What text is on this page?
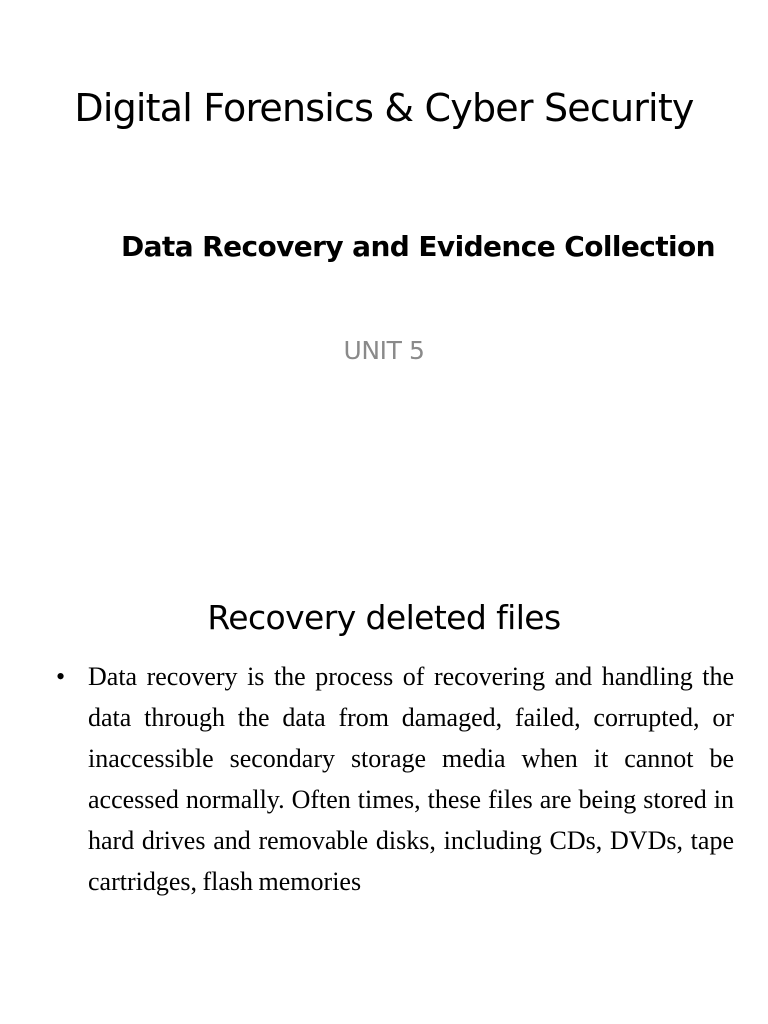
Digital Forensics & Cyber Security
Data Recovery and Evidence Collection
UNIT 5
Recovery deleted files
• Data recovery is the process of recovering and handling the data through the data from damaged, failed, corrupted, or inaccessible secondary storage media when it cannot be accessed normally. Often times, these files are being stored in hard drives and removable disks, including CDs, DVDs, tape cartridges, flash memories
